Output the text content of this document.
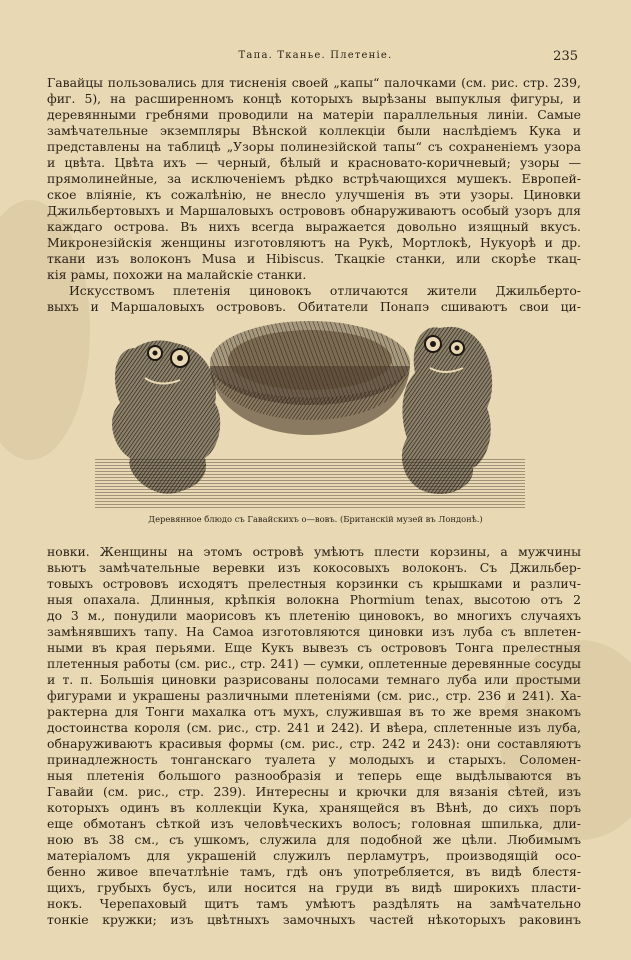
Тапа. Тканье. Плетеніе.	235
Гавайцы пользовались для тисненія своей „капы“ палочками (см. рис. стр. 239,
фиг. 5), на расширенномъ концѣ которыхъ вырѣзаны выпуклыя фигуры, и
деревянными гребнями проводили на матеріи параллельныя линіи. Самые
замѣчательные экземпляры Вѣнской коллекціи были наслѣдіемъ Кука и
представлены на таблицѣ „Узоры полинезійской тапы“ съ сохраненіемъ узора
и цвѣта. Цвѣта ихъ — черный, бѣлый и красновато-коричневый; узоры —
прямолинейные, за исключеніемъ рѣдко встрѣчающихся мушекъ. Европей-
ское вліяніе, къ сожалѣнію, не внесло улучшенія въ эти узоры. Циновки
Джильбертовыхъ и Маршаловыхъ острововъ обнаруживаютъ особый узоръ для
каждаго острова. Въ нихъ всегда выражается довольно изящный вкусъ.
Микронезійскія женщины изготовляютъ на Рукѣ, Мортлокѣ, Нукуорѣ и др.
ткани изъ волоконъ Musa и Hibiscus. Ткацкіе станки, или скорѣе ткац-
кія рамы, похожи на малайскіе станки.
Искусствомъ плетенія циновокъ отличаются жители Джильберто-
выхъ и Маршаловыхъ острововъ. Обитатели Понапэ сшиваютъ свои ци-
Деревянное блюдо съ Гавайскихъ о—вовъ. (Британскій музей въ Лондонѣ.)
новки. Женщины на этомъ островѣ умѣютъ плести корзины, а мужчины
вьютъ замѣчательные веревки изъ кокосовыхъ волоконъ. Съ Джильбер-
товыхъ острововъ исходятъ прелестныя корзинки съ крышками и различ-
ныя опахала. Длинныя, крѣпкія волокна Phormium tenax, высотою отъ 2
до 3 м., понудили маорисовъ къ плетенію циновокъ, во многихъ случаяхъ
замѣнявшихъ тапу. На Самоа изготовляются циновки изъ луба съ вплетен-
ными въ края перьями. Еще Кукъ вывезъ съ острововъ Тонга прелестныя
плетенныя работы (см. рис., стр. 241) — сумки, оплетенные деревянные сосуды
и т. п. Большія циновки разрисованы полосами темнаго луба или простыми
фигурами и украшены различными плетеніями (см. рис., стр. 236 и 241). Ха-
рактерна для Тонги махалка отъ мухъ, служившая въ то же время знакомъ
достоинства короля (см. рис., стр. 241 и 242). И вѣера, сплетенные изъ луба,
обнаруживаютъ красивыя формы (см. рис., стр. 242 и 243): они составляютъ
принадлежность тонганскаго туалета у молодыхъ и старыхъ. Соломен-
ныя плетенія большого разнообразія и теперь еще выдѣлываются въ
Гавайи (см. рис., стр. 239). Интересны и крючки для вязанія сѣтей, изъ
которыхъ одинъ въ коллекціи Кука, хранящейся въ Вѣнѣ, до сихъ поръ
еще обмотанъ сѣткой изъ человѣческихъ волосъ; головная шпилька, дли-
ною въ 38 см., съ ушкомъ, служила для подобной же цѣли. Любимымъ
матеріаломъ для украшеній служилъ перламутръ, производящій осо-
бенно живое впечатлѣніе тамъ, гдѣ онъ употребляется, въ видѣ блестя-
щихъ, грубыхъ бусъ, или носится на груди въ видѣ широкихъ пласти-
нокъ. Черепаховый щитъ тамъ умѣютъ раздѣлять на замѣчательно
тонкіе кружки; изъ цвѣтныхъ замочныхъ частей нѣкоторыхъ раковинъ
